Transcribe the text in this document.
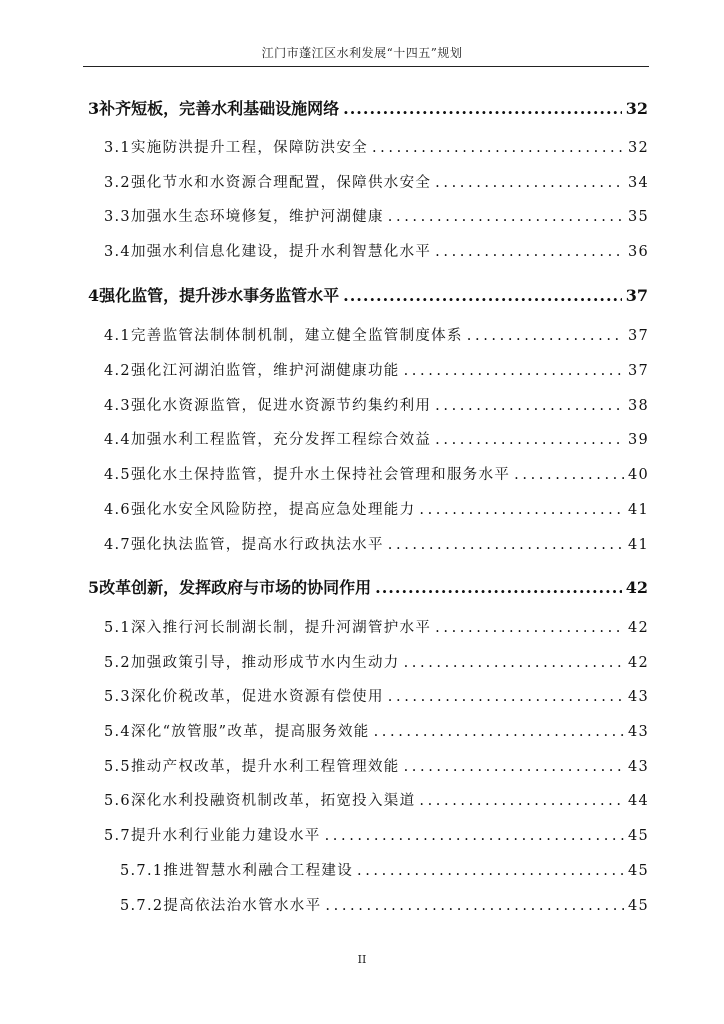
江门市蓬江区水利发展“十四五”规划
3 补齐短板，完善水利基础设施网络 .....	32
3.1 实施防洪提升工程，保障防洪安全 .....	32
3.2 强化节水和水资源合理配置，保障供水安全 .....	34
3.3 加强水生态环境修复，维护河湖健康 .....	35
3.4 加强水利信息化建设，提升水利智慧化水平 .....	36
4 强化监管，提升涉水事务监管水平 .....	37
4.1 完善监管法制体制机制，建立健全监管制度体系 .....	37
4.2 强化江河湖泊监管，维护河湖健康功能 .....	37
4.3 强化水资源监管，促进水资源节约集约利用 .....	38
4.4 加强水利工程监管，充分发挥工程综合效益 .....	39
4.5 强化水土保持监管，提升水土保持社会管理和服务水平 .....	40
4.6 强化水安全风险防控，提高应急处理能力 .....	41
4.7 强化执法监管，提高水行政执法水平 .....	41
5 改革创新，发挥政府与市场的协同作用 .....	42
5.1 深入推行河长制湖长制，提升河湖管护水平 .....	42
5.2 加强政策引导，推动形成节水内生动力 .....	42
5.3 深化价税改革，促进水资源有偿使用 .....	43
5.4 深化“放管服”改革，提高服务效能 .....	43
5.5 推动产权改革，提升水利工程管理效能 .....	43
5.6 深化水利投融资机制改革，拓宽投入渠道 .....	44
5.7 提升水利行业能力建设水平 .....	45
5.7.1 推进智慧水利融合工程建设 .....	45
5.7.2 提高依法治水管水水平 .....	45
II
